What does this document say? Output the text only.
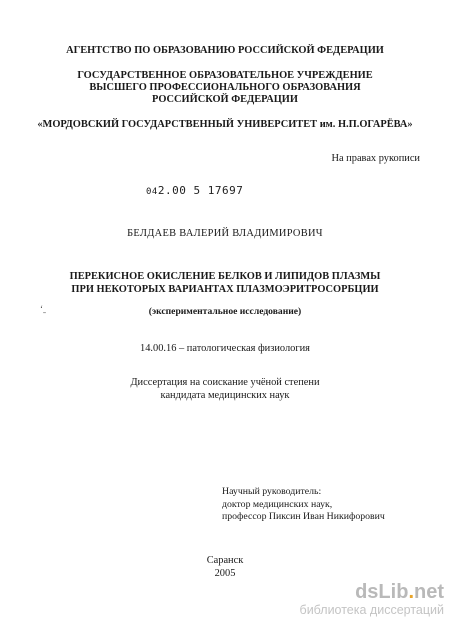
АГЕНТСТВО ПО ОБРАЗОВАНИЮ РОССИЙСКОЙ ФЕДЕРАЦИИ
ГОСУДАРСТВЕННОЕ ОБРАЗОВАТЕЛЬНОЕ УЧРЕЖДЕНИЕ
ВЫСШЕГО ПРОФЕССИОНАЛЬНОГО ОБРАЗОВАНИЯ
РОССИЙСКОЙ ФЕДЕРАЦИИ
«МОРДОВСКИЙ ГОСУДАРСТВЕННЫЙ УНИВЕРСИТЕТ им. Н.П.ОГАРЁВА»
На правах рукописи
042.00 5 17697
БЕЛДАЕВ ВАЛЕРИЙ ВЛАДИМИРОВИЧ
ПЕРЕКИСНОЕ ОКИСЛЕНИЕ БЕЛКОВ И ЛИПИДОВ ПЛАЗМЫ
ПРИ НЕКОТОРЫХ ВАРИАНТАХ ПЛАЗМОЭРИТРОСОРБЦИИ
(экспериментальное исследование)
‘ˍ
14.00.16 – патологическая физиология
Диссертация на соискание учёной степени
кандидата медицинских наук
Научный руководитель:
доктор медицинских наук,
профессор Пиксин Иван Никифорович
Саранск
2005
dsLib.net
библиотека диссертаций
